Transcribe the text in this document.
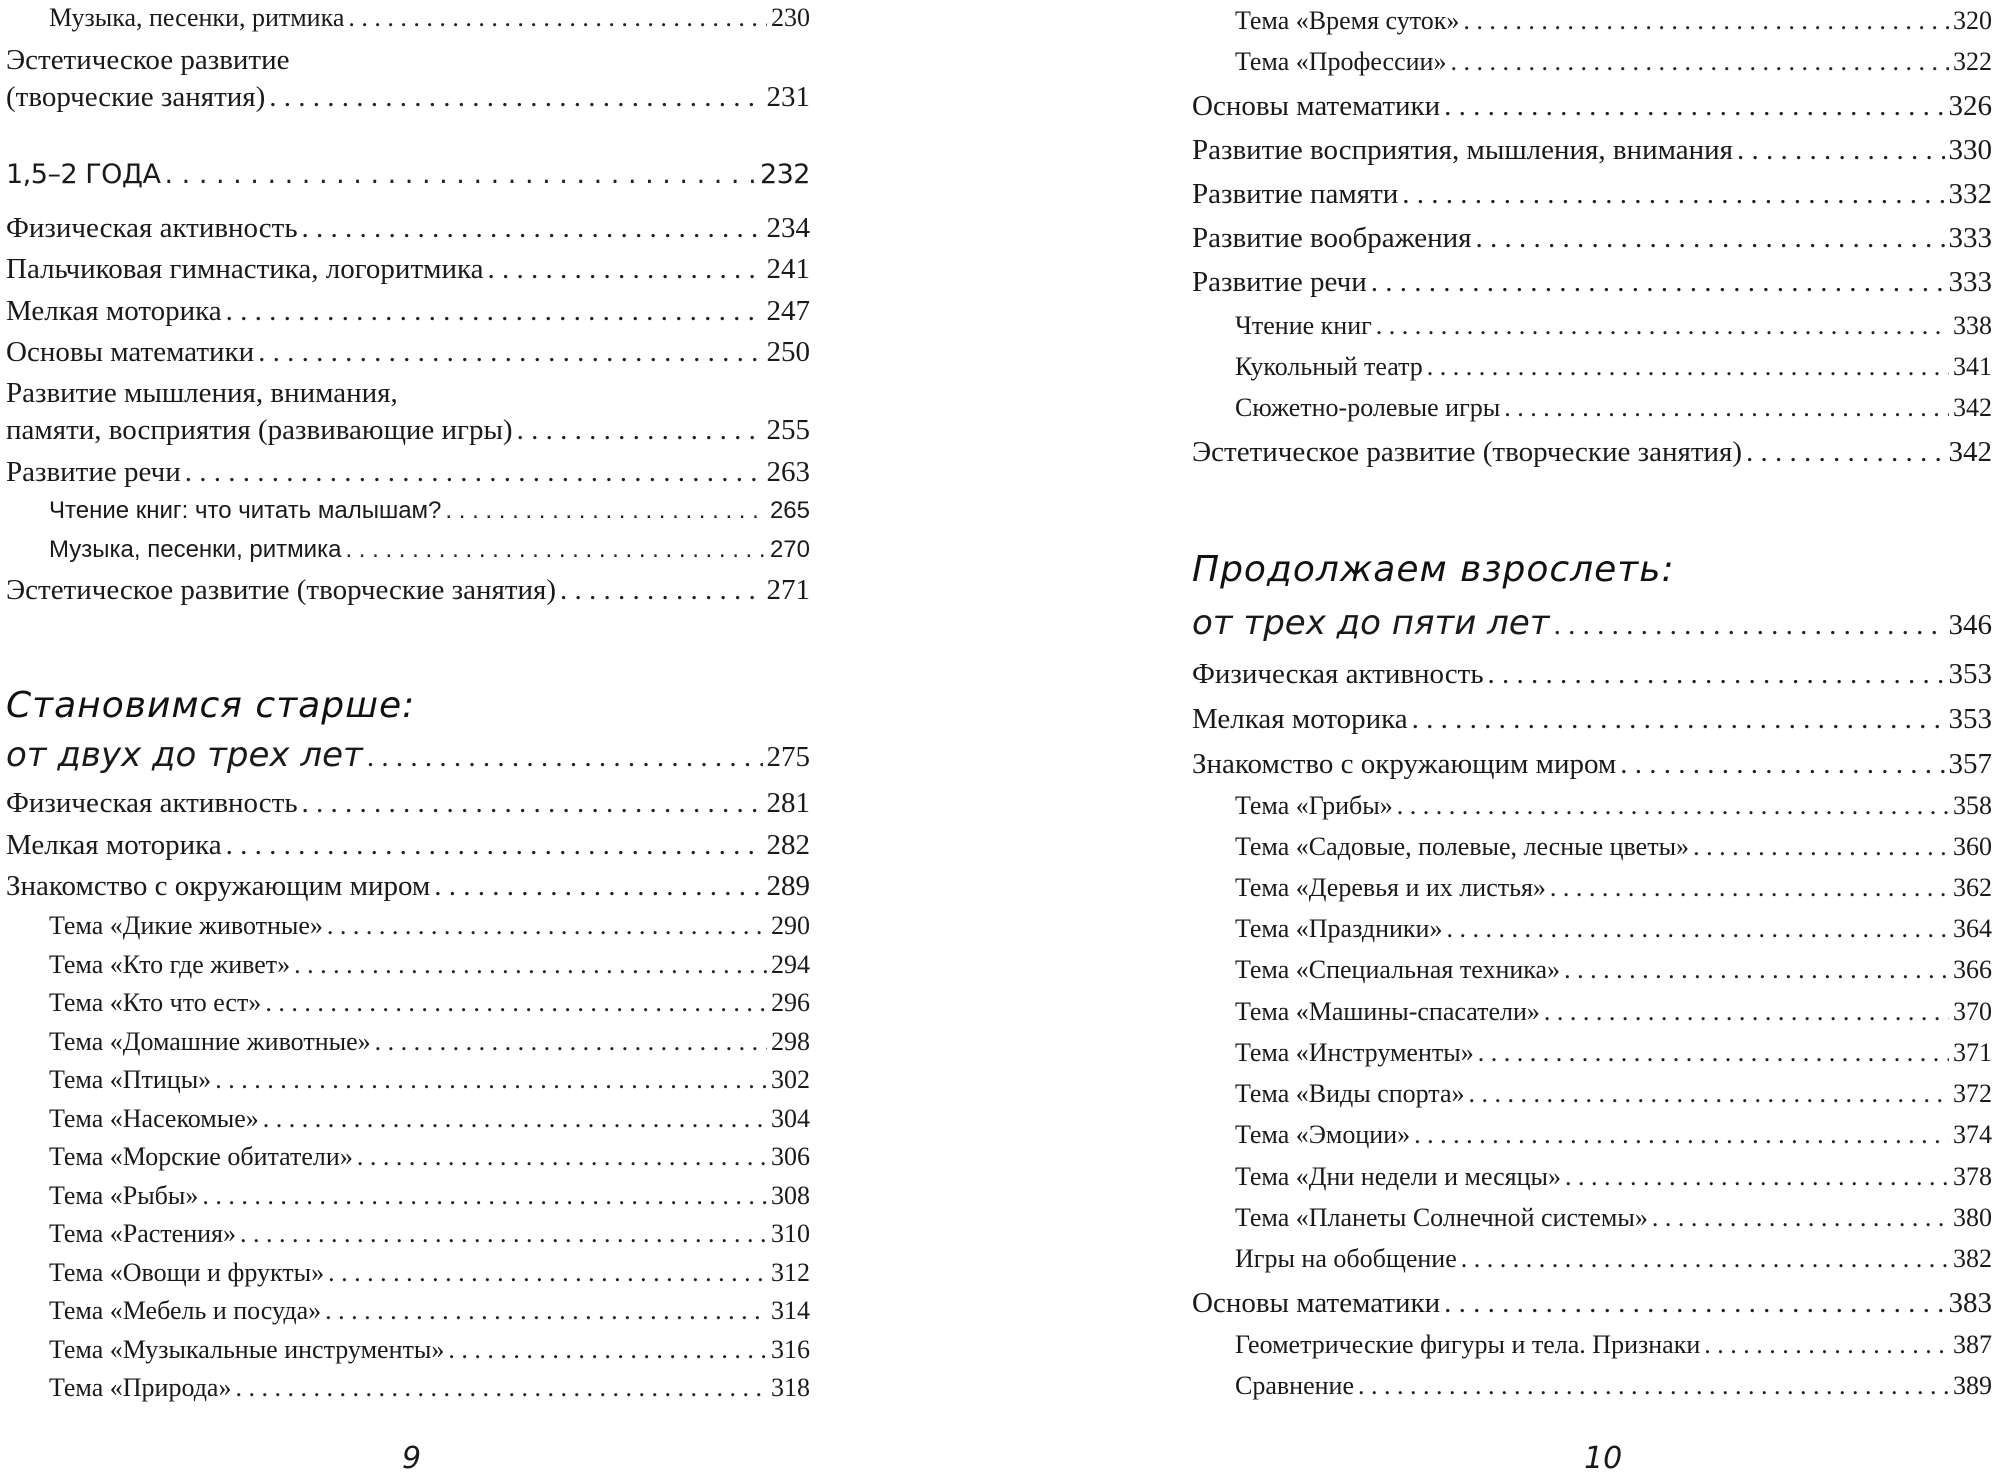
Музыка, песенки, ритмика . . .	230
Эстетическое развитие
(творческие занятия) . . .	231
1,5–2 ГОДА . . .	232
Физическая активность . . .	234
Пальчиковая гимнастика, логоритмика . . .	241
Мелкая моторика . . .	247
Основы математики . . .	250
Развитие мышления, внимания,
памяти, восприятия (развивающие игры) . . .	255
Развитие речи . . .	263
Чтение книг: что читать малышам? . . .	265
Музыка, песенки, ритмика . . .	270
Эстетическое развитие (творческие занятия) . . .	271
Становимся старше:
от двух до трех лет . . .	275
Физическая активность . . .	281
Мелкая моторика . . .	282
Знакомство с окружающим миром . . .	289
Тема «Дикие животные» . . .	290
Тема «Кто где живет» . . .	294
Тема «Кто что ест» . . .	296
Тема «Домашние животные» . . .	298
Тема «Птицы» . . .	302
Тема «Насекомые» . . .	304
Тема «Морские обитатели» . . .	306
Тема «Рыбы» . . .	308
Тема «Растения» . . .	310
Тема «Овощи и фрукты» . . .	312
Тема «Мебель и посуда» . . .	314
Тема «Музыкальные инструменты» . . .	316
Тема «Природа» . . .	318
9
Тема «Время суток» . . .	320
Тема «Профессии» . . .	322
Основы математики . . .	326
Развитие восприятия, мышления, внимания . . .	330
Развитие памяти . . .	332
Развитие воображения . . .	333
Развитие речи . . .	333
Чтение книг . . .	338
Кукольный театр . . .	341
Сюжетно-ролевые игры . . .	342
Эстетическое развитие (творческие занятия) . . .	342
Продолжаем взрослеть:
от трех до пяти лет . . .	346
Физическая активность . . .	353
Мелкая моторика . . .	353
Знакомство с окружающим миром . . .	357
Тема «Грибы» . . .	358
Тема «Садовые, полевые, лесные цветы» . . .	360
Тема «Деревья и их листья» . . .	362
Тема «Праздники» . . .	364
Тема «Специальная техника» . . .	366
Тема «Машины-спасатели» . . .	370
Тема «Инструменты» . . .	371
Тема «Виды спорта» . . .	372
Тема «Эмоции» . . .	374
Тема «Дни недели и месяцы» . . .	378
Тема «Планеты Солнечной системы» . . .	380
Игры на обобщение . . .	382
Основы математики . . .	383
Геометрические фигуры и тела. Признаки . . .	387
Сравнение . . .	389
10
